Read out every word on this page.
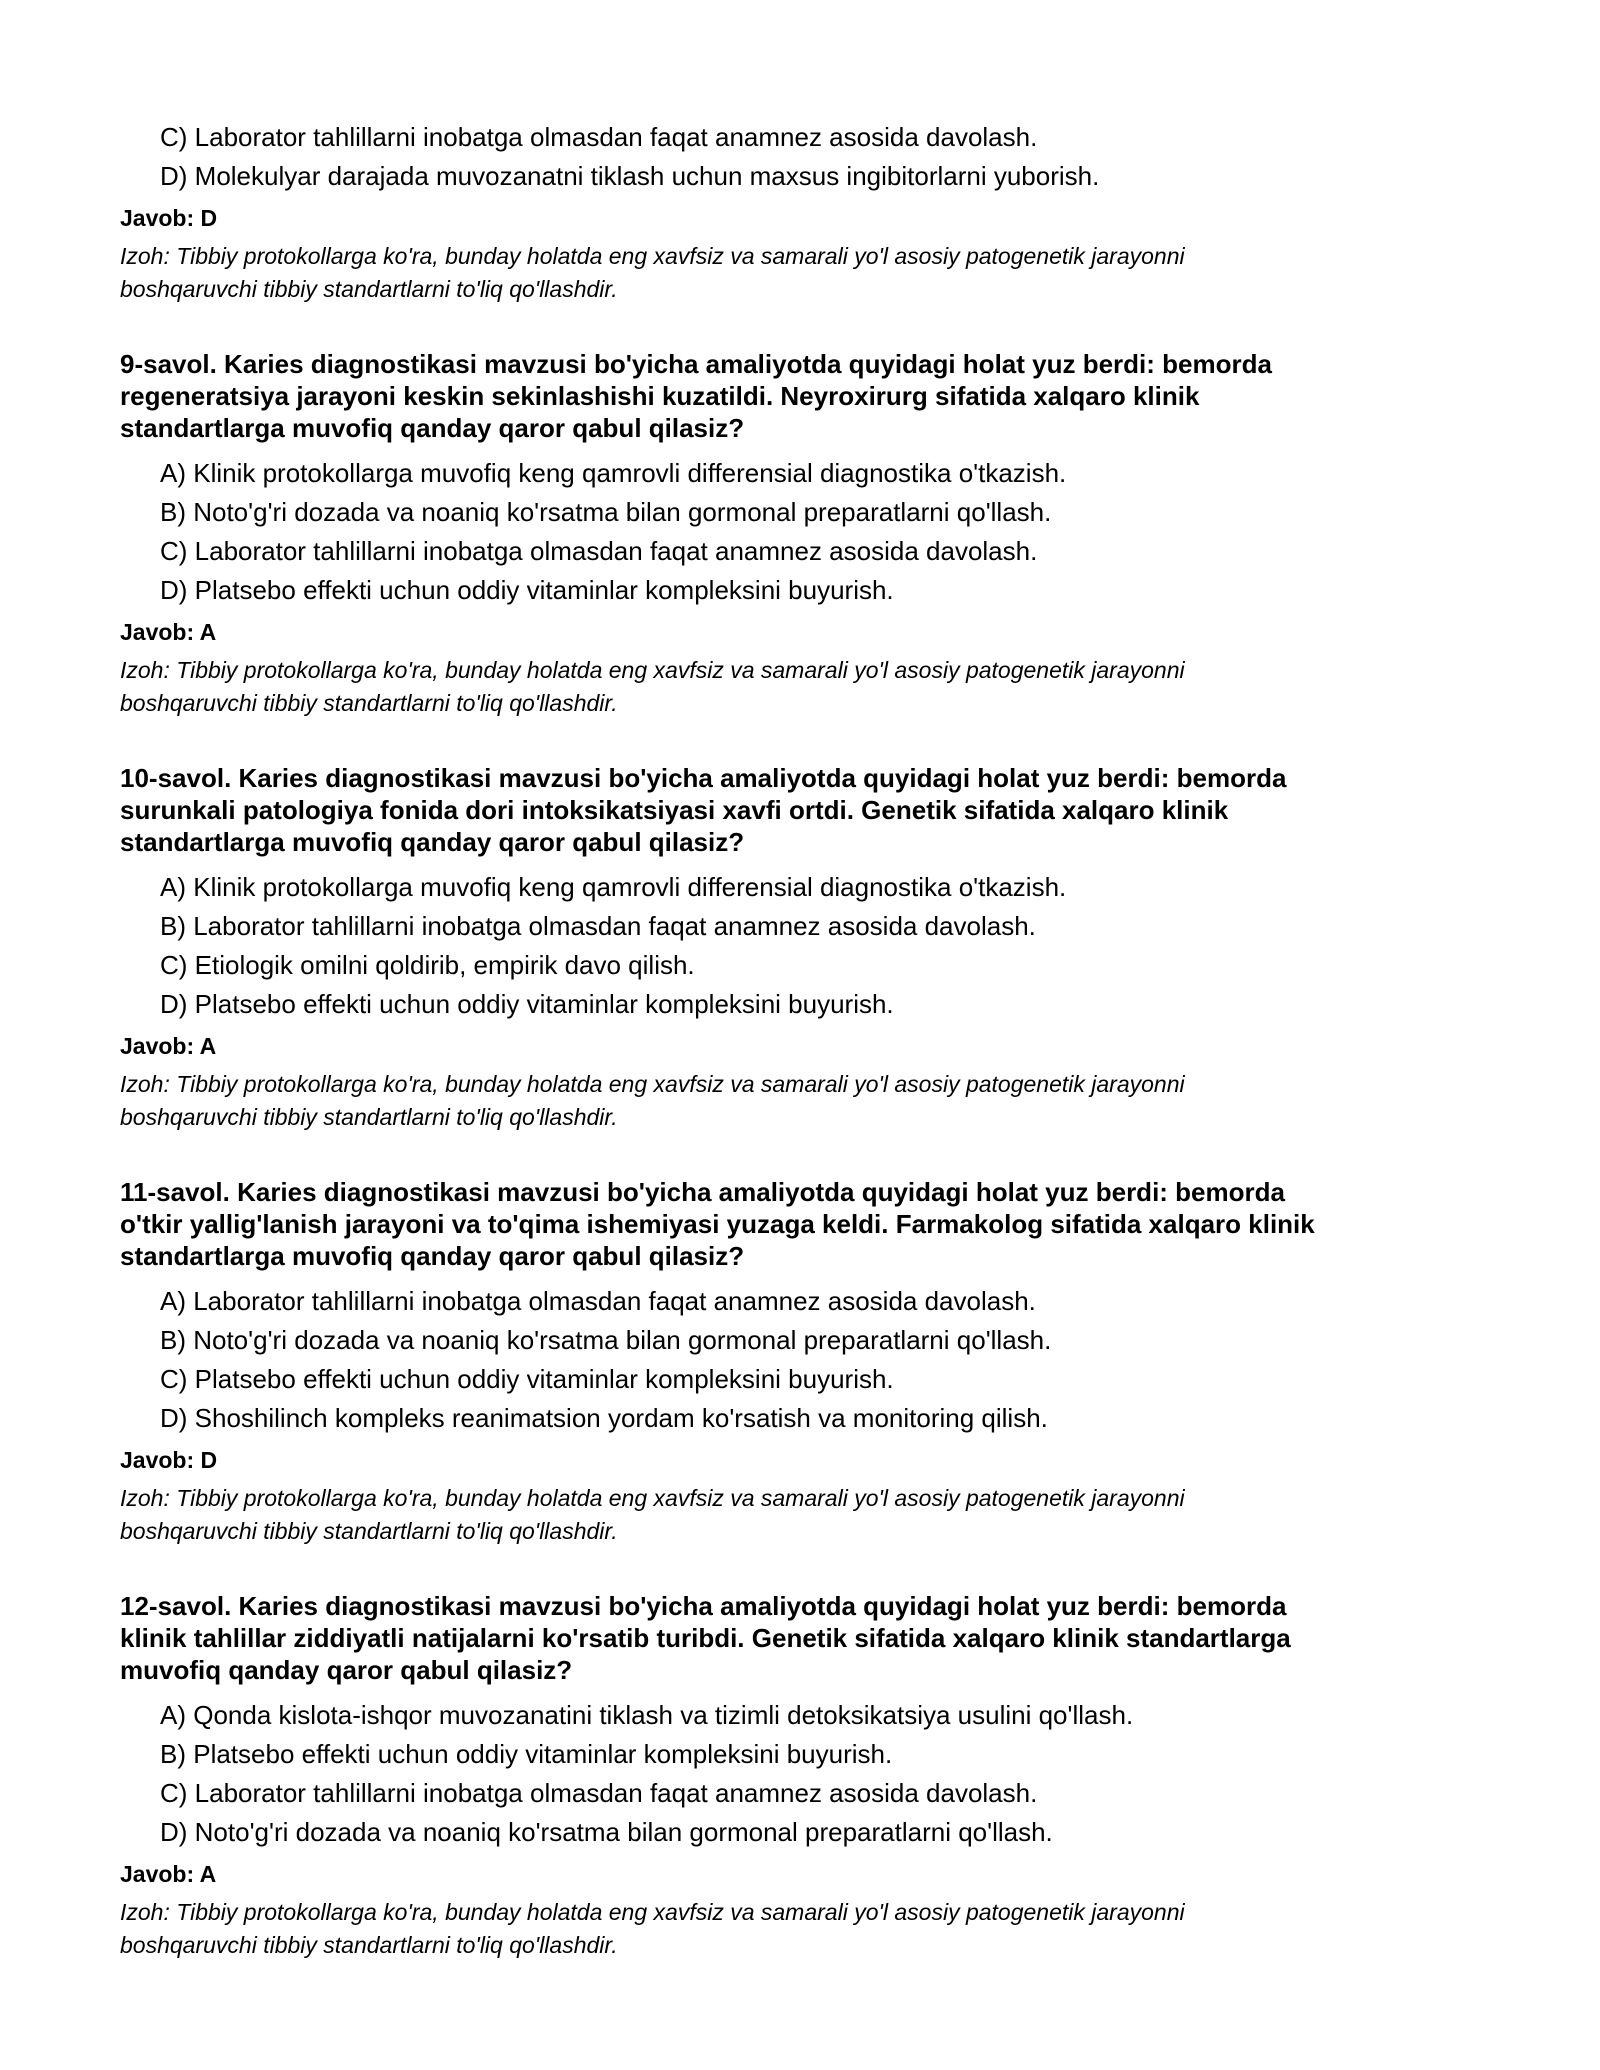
C) Laborator tahlillarni inobatga olmasdan faqat anamnez asosida davolash.
D) Molekulyar darajada muvozanatni tiklash uchun maxsus ingibitorlarni yuborish.
Javob: D
Izoh: Tibbiy protokollarga ko'ra, bunday holatda eng xavfsiz va samarali yo'l asosiy patogenetik jarayonni
boshqaruvchi tibbiy standartlarni to'liq qo'llashdir.
9-savol. Karies diagnostikasi mavzusi bo'yicha amaliyotda quyidagi holat yuz berdi: bemorda
regeneratsiya jarayoni keskin sekinlashishi kuzatildi. Neyroxirurg sifatida xalqaro klinik
standartlarga muvofiq qanday qaror qabul qilasiz?
A) Klinik protokollarga muvofiq keng qamrovli differensial diagnostika o'tkazish.
B) Noto'g'ri dozada va noaniq ko'rsatma bilan gormonal preparatlarni qo'llash.
C) Laborator tahlillarni inobatga olmasdan faqat anamnez asosida davolash.
D) Platsebo effekti uchun oddiy vitaminlar kompleksini buyurish.
Javob: A
Izoh: Tibbiy protokollarga ko'ra, bunday holatda eng xavfsiz va samarali yo'l asosiy patogenetik jarayonni
boshqaruvchi tibbiy standartlarni to'liq qo'llashdir.
10-savol. Karies diagnostikasi mavzusi bo'yicha amaliyotda quyidagi holat yuz berdi: bemorda
surunkali patologiya fonida dori intoksikatsiyasi xavfi ortdi. Genetik sifatida xalqaro klinik
standartlarga muvofiq qanday qaror qabul qilasiz?
A) Klinik protokollarga muvofiq keng qamrovli differensial diagnostika o'tkazish.
B) Laborator tahlillarni inobatga olmasdan faqat anamnez asosida davolash.
C) Etiologik omilni qoldirib, empirik davo qilish.
D) Platsebo effekti uchun oddiy vitaminlar kompleksini buyurish.
Javob: A
Izoh: Tibbiy protokollarga ko'ra, bunday holatda eng xavfsiz va samarali yo'l asosiy patogenetik jarayonni
boshqaruvchi tibbiy standartlarni to'liq qo'llashdir.
11-savol. Karies diagnostikasi mavzusi bo'yicha amaliyotda quyidagi holat yuz berdi: bemorda
o'tkir yallig'lanish jarayoni va to'qima ishemiyasi yuzaga keldi. Farmakolog sifatida xalqaro klinik
standartlarga muvofiq qanday qaror qabul qilasiz?
A) Laborator tahlillarni inobatga olmasdan faqat anamnez asosida davolash.
B) Noto'g'ri dozada va noaniq ko'rsatma bilan gormonal preparatlarni qo'llash.
C) Platsebo effekti uchun oddiy vitaminlar kompleksini buyurish.
D) Shoshilinch kompleks reanimatsion yordam ko'rsatish va monitoring qilish.
Javob: D
Izoh: Tibbiy protokollarga ko'ra, bunday holatda eng xavfsiz va samarali yo'l asosiy patogenetik jarayonni
boshqaruvchi tibbiy standartlarni to'liq qo'llashdir.
12-savol. Karies diagnostikasi mavzusi bo'yicha amaliyotda quyidagi holat yuz berdi: bemorda
klinik tahlillar ziddiyatli natijalarni ko'rsatib turibdi. Genetik sifatida xalqaro klinik standartlarga
muvofiq qanday qaror qabul qilasiz?
A) Qonda kislota-ishqor muvozanatini tiklash va tizimli detoksikatsiya usulini qo'llash.
B) Platsebo effekti uchun oddiy vitaminlar kompleksini buyurish.
C) Laborator tahlillarni inobatga olmasdan faqat anamnez asosida davolash.
D) Noto'g'ri dozada va noaniq ko'rsatma bilan gormonal preparatlarni qo'llash.
Javob: A
Izoh: Tibbiy protokollarga ko'ra, bunday holatda eng xavfsiz va samarali yo'l asosiy patogenetik jarayonni
boshqaruvchi tibbiy standartlarni to'liq qo'llashdir.
